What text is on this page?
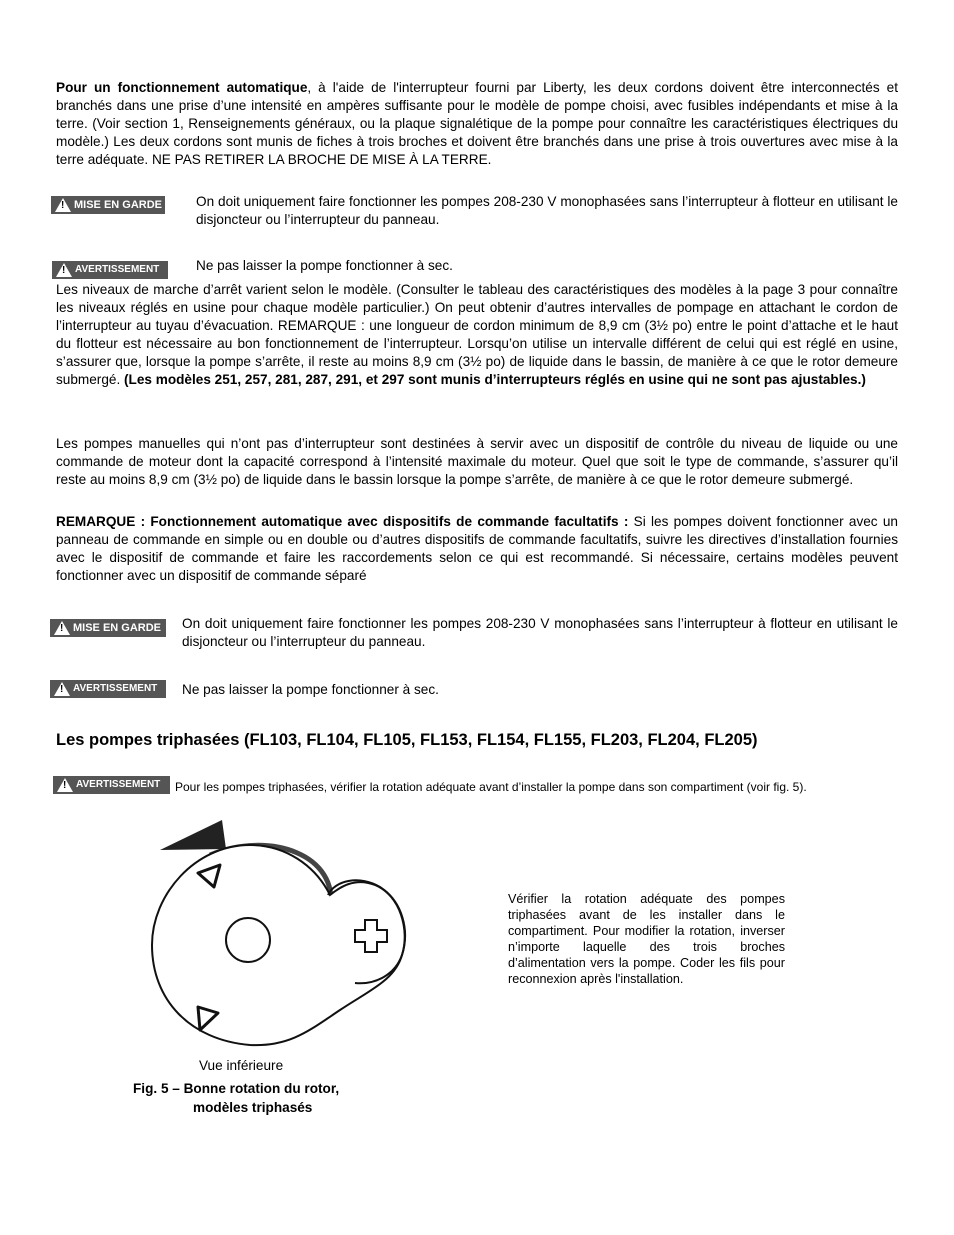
Pour un fonctionnement automatique, à l'aide de l'interrupteur fourni par Liberty, les deux cordons doivent être interconnectés et branchés dans une prise d’une intensité en ampères suffisante pour le modèle de pompe choisi, avec fusibles indépendants et mise à la terre. (Voir section 1, Renseignements généraux, ou la plaque signalétique de la pompe pour connaître les caractéristiques électriques du modèle.) Les deux cordons sont munis de fiches à trois broches et doivent être branchés dans une prise à trois ouvertures avec mise à la terre adéquate. NE PAS RETIRER LA BROCHE DE MISE À LA TERRE.

!
MISE EN GARDE On doit uniquement faire fonctionner les pompes 208-230 V monophasées sans l’interrupteur à flotteur en utilisant le disjoncteur ou l’interrupteur du panneau.

!
AVERTISSEMENT	Ne pas laisser la pompe fonctionner à sec.

Les niveaux de marche d’arrêt varient selon le modèle. (Consulter le tableau des caractéristiques des modèles à la page 3 pour connaître les niveaux réglés en usine pour chaque modèle particulier.) On peut obtenir d’autres intervalles de pompage en attachant le cordon de l’interrupteur au tuyau d’évacuation. REMARQUE : une longueur de cordon minimum de 8,9 cm (3½ po) entre le point d’attache et le haut du flotteur est nécessaire au bon fonctionnement de l’interrupteur. Lorsqu’on utilise un intervalle différent de celui qui est réglé en usine, s’assurer que, lorsque la pompe s’arrête, il reste au moins 8,9 cm (3½ po) de liquide dans le bassin, de manière à ce que le rotor demeure submergé. (Les modèles 251, 257, 281, 287, 291, et 297 sont munis d’interrupteurs réglés en usine qui ne sont pas ajustables.)

Les pompes manuelles qui n’ont pas d’interrupteur sont destinées à servir avec un dispositif de contrôle du niveau de liquide ou une commande de moteur dont la capacité correspond à l’intensité maximale du moteur. Quel que soit le type de commande, s’assurer qu’il reste au moins 8,9 cm (3½ po) de liquide dans le bassin lorsque la pompe s’arrête, de manière à ce que le rotor demeure submergé.

REMARQUE : Fonctionnement automatique avec dispositifs de commande facultatifs : Si les pompes doivent fonctionner avec un panneau de commande en simple ou en double ou d’autres dispositifs de commande facultatifs, suivre les directives d’installation fournies avec le dispositif de commande et faire les raccordements selon ce qui est recommandé. Si nécessaire, certains modèles peuvent fonctionner avec un dispositif de commande séparé

!
MISE EN GARDE On doit uniquement faire fonctionner les pompes 208-230 V monophasées sans l’interrupteur à flotteur en utilisant le disjoncteur ou l’interrupteur du panneau.

!
AVERTISSEMENT Ne pas laisser la pompe fonctionner à sec.

Les pompes triphasées (FL103, FL104, FL105, FL153, FL154, FL155, FL203, FL204, FL205)
!
AVERTISSEMENT Pour les pompes triphasées, vérifier la rotation adéquate avant d’installer la pompe dans son compartiment (voir fig. 5).

Vue inférieure

Fig. 5 – Bonne rotation du rotor,

modèles triphasés

Vérifier la rotation adéquate des pompes triphasées avant de les installer dans le compartiment. Pour modifier la rotation, inverser n’importe laquelle des trois broches d’alimentation vers la pompe. Coder les fils pour reconnexion après l'installation.
